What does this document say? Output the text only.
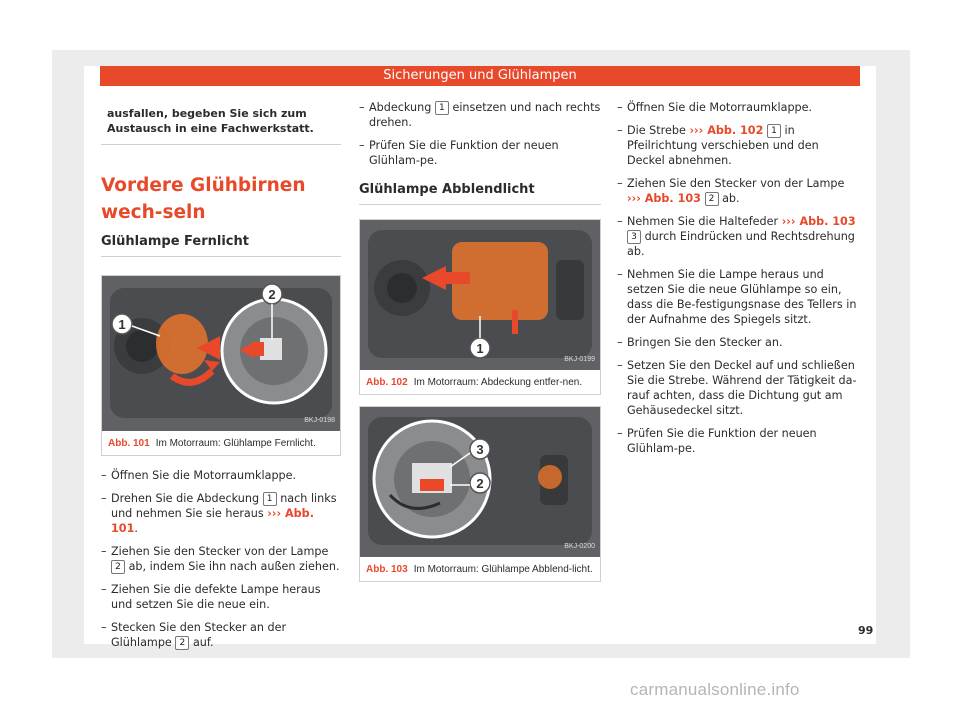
Sicherungen und Glühlampen
ausfallen, begeben Sie sich zum Austausch in eine Fachwerkstatt.
Vordere Glühbirnen wech-seln
Glühlampe Fernlicht
1
2
BKJ-0198
Abb. 101 Im Motorraum: Glühlampe Fernlicht.
– Öffnen Sie die Motorraumklappe.
– Drehen Sie die Abdeckung 1 nach links und nehmen Sie sie heraus ››› Abb. 101.
– Ziehen Sie den Stecker von der Lampe 2 ab, indem Sie ihn nach außen ziehen.
– Ziehen Sie die defekte Lampe heraus und setzen Sie die neue ein.
– Stecken Sie den Stecker an der Glühlampe 2 auf.
– Abdeckung 1 einsetzen und nach rechts drehen.
– Prüfen Sie die Funktion der neuen Glühlam-pe.
Glühlampe Abblendlicht
1
BKJ-0199
Abb. 102 Im Motorraum: Abdeckung entfer-nen.
3
2
BKJ-0200
Abb. 103 Im Motorraum: Glühlampe Abblend-licht.
– Öffnen Sie die Motorraumklappe.
– Die Strebe ››› Abb. 102 1 in Pfeilrichtung verschieben und den Deckel abnehmen.
– Ziehen Sie den Stecker von der Lampe ››› Abb. 103 2 ab.
– Nehmen Sie die Haltefeder ››› Abb. 103 3 durch Eindrücken und Rechtsdrehung ab.
– Nehmen Sie die Lampe heraus und setzen Sie die neue Glühlampe so ein, dass die Be-festigungsnase des Tellers in der Aufnahme des Spiegels sitzt.
– Bringen Sie den Stecker an.
– Setzen Sie den Deckel auf und schließen Sie die Strebe. Während der Tätigkeit da-rauf achten, dass die Dichtung gut am Gehäusedeckel sitzt.
– Prüfen Sie die Funktion der neuen Glühlam-pe.
99
carmanualsonline.info
